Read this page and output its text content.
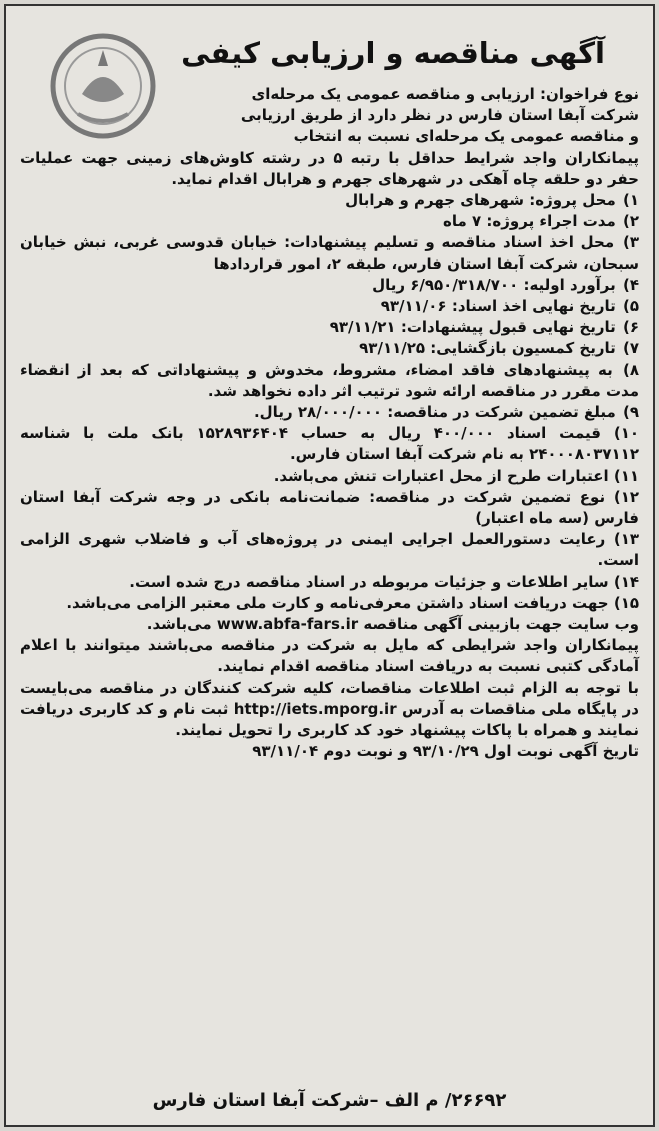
آگهی مناقصه و ارزیابی کیفی
نوع فراخوان: ارزیابی و مناقصه عمومی یک مرحله‌ای
شرکت آبفا استان فارس در نظر دارد از طریق ارزیابی
و مناقصه عمومی یک مرحله‌ای نسبت به انتخاب
پیمانکاران واجد شرایط حداقل با رتبه ۵ در رشته کاوش‌های زمینی جهت عملیات حفر دو حلقه چاه آهکی در شهرهای جهرم و هرابال اقدام نماید.
۱) محل پروژه: شهرهای جهرم و هرابال
۲) مدت اجراء پروژه: ۷ ماه
۳) محل اخذ اسناد مناقصه و تسلیم پیشنهادات: خیابان قدوسی غربی، نبش خیابان سبحان، شرکت آبفا استان فارس، طبقه ۲، امور قراردادها
۴) برآورد اولیه: ۶/۹۵۰/۳۱۸/۷۰۰ ریال
۵) تاریخ نهایی اخذ اسناد: ۹۳/۱۱/۰۶
۶) تاریخ نهایی قبول پیشنهادات: ۹۳/۱۱/۲۱
۷) تاریخ کمسیون بازگشایی: ۹۳/۱۱/۲۵
۸) به پیشنهادهای فاقد امضاء، مشروط، مخدوش و پیشنهاداتی که بعد از انقضاء مدت مقرر در مناقصه ارائه شود ترتیب اثر داده نخواهد شد.
۹) مبلغ تضمین شرکت در مناقصه: ۲۸/۰۰۰/۰۰۰ ریال.
۱۰) قیمت اسناد ۴۰۰/۰۰۰ ریال به حساب ۱۵۲۸۹۳۶۴۰۴ بانک ملت با شناسه ۲۴۰۰۰۸۰۳۷۱۱۲ به نام شرکت آبفا استان فارس.
۱۱) اعتبارات طرح از محل اعتبارات تنش می‌باشد.
۱۲) نوع تضمین شرکت در مناقصه: ضمانت‌نامه بانکی در وجه شرکت آبفا استان فارس (سه ماه اعتبار)
۱۳) رعایت دستورالعمل اجرایی ایمنی در پروژه‌های آب و فاضلاب شهری الزامی است.
۱۴) سایر اطلاعات و جزئیات مربوطه در اسناد مناقصه درج شده است.
۱۵) جهت دریافت اسناد داشتن معرفی‌نامه و کارت ملی معتبر الزامی می‌باشد.

وب سایت جهت بازبینی آگهی مناقصه www.abfa-fars.ir می‌باشد.

پیمانکاران واجد شرایطی که مایل به شرکت در مناقصه می‌باشند میتوانند با اعلام آمادگی کتبی نسبت به دریافت اسناد مناقصه اقدام نمایند.

با توجه به الزام ثبت اطلاعات مناقصات، کلیه شرکت کنندگان در مناقصه می‌بایست در پایگاه ملی مناقصات به آدرس http://iets.mporg.ir ثبت نام و کد کاربری دریافت نمایند و همراه با پاکات پیشنهاد خود کد کاربری را تحویل نمایند.

تاریخ آگهی نوبت اول ۹۳/۱۰/۲۹ و نوبت دوم ۹۳/۱۱/۰۴

۲۶۶۹۲/ م الف –شرکت آبفا استان فارس
